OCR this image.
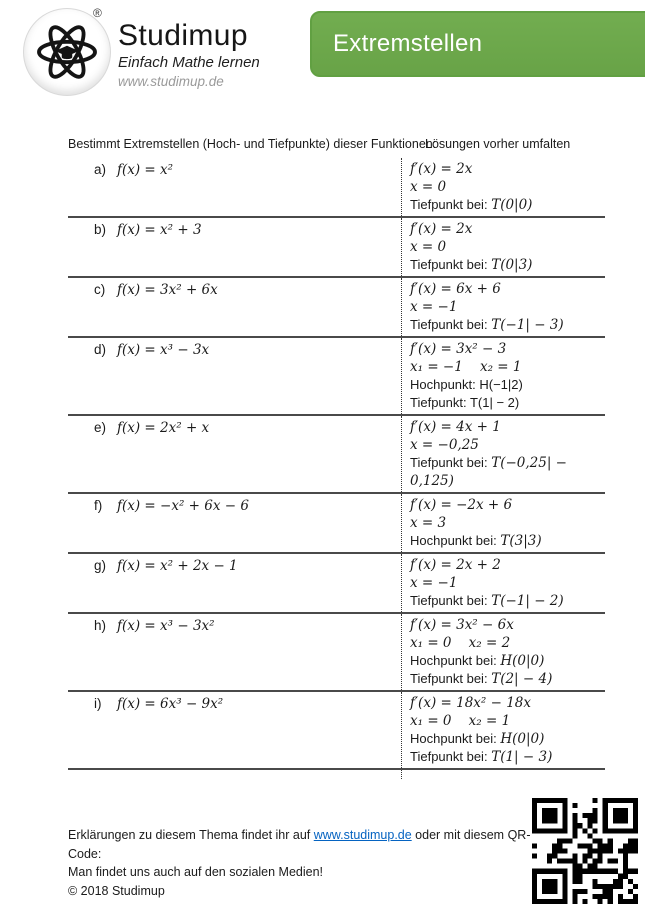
®
Studimup
Einfach Mathe lernen
www.studimup.de
Extremstellen
Bestimmt Extremstellen (Hoch- und Tiefpunkte) dieser Funktionen:
Lösungen vorher umfalten
a) f(x) = x²	f′(x) = 2x
x = 0
Tiefpunkt bei: T(0|0)
b) f(x) = x² + 3	f′(x) = 2x
x = 0
Tiefpunkt bei: T(0|3)
c) f(x) = 3x² + 6x	f′(x) = 6x + 6
x = −1
Tiefpunkt bei: T(−1| − 3)
d) f(x) = x³ − 3x	f′(x) = 3x² − 3
x₁ = −1    x₂ = 1
Hochpunkt: H(−1|2)
Tiefpunkt: T(1| − 2)
e) f(x) = 2x² + x	f′(x) = 4x + 1
x = −0,25
Tiefpunkt bei: T(−0,25| − 0,125)
f) f(x) = −x² + 6x − 6	f′(x) = −2x + 6
x = 3
Hochpunkt bei: T(3|3)
g) f(x) = x² + 2x − 1	f′(x) = 2x + 2
x = −1
Tiefpunkt bei: T(−1| − 2)
h) f(x) = x³ − 3x²	f′(x) = 3x² − 6x
x₁ = 0    x₂ = 2
Hochpunkt bei: H(0|0)
Tiefpunkt bei: T(2| − 4)
i) f(x) = 6x³ − 9x²	f′(x) = 18x² − 18x
x₁ = 0    x₂ = 1
Hochpunkt bei: H(0|0)
Tiefpunkt bei: T(1| − 3)
Erklärungen zu diesem Thema findet ihr auf www.studimup.de oder mit diesem QR-Code:
Man findet uns auch auf den sozialen Medien!
© 2018 Studimup
